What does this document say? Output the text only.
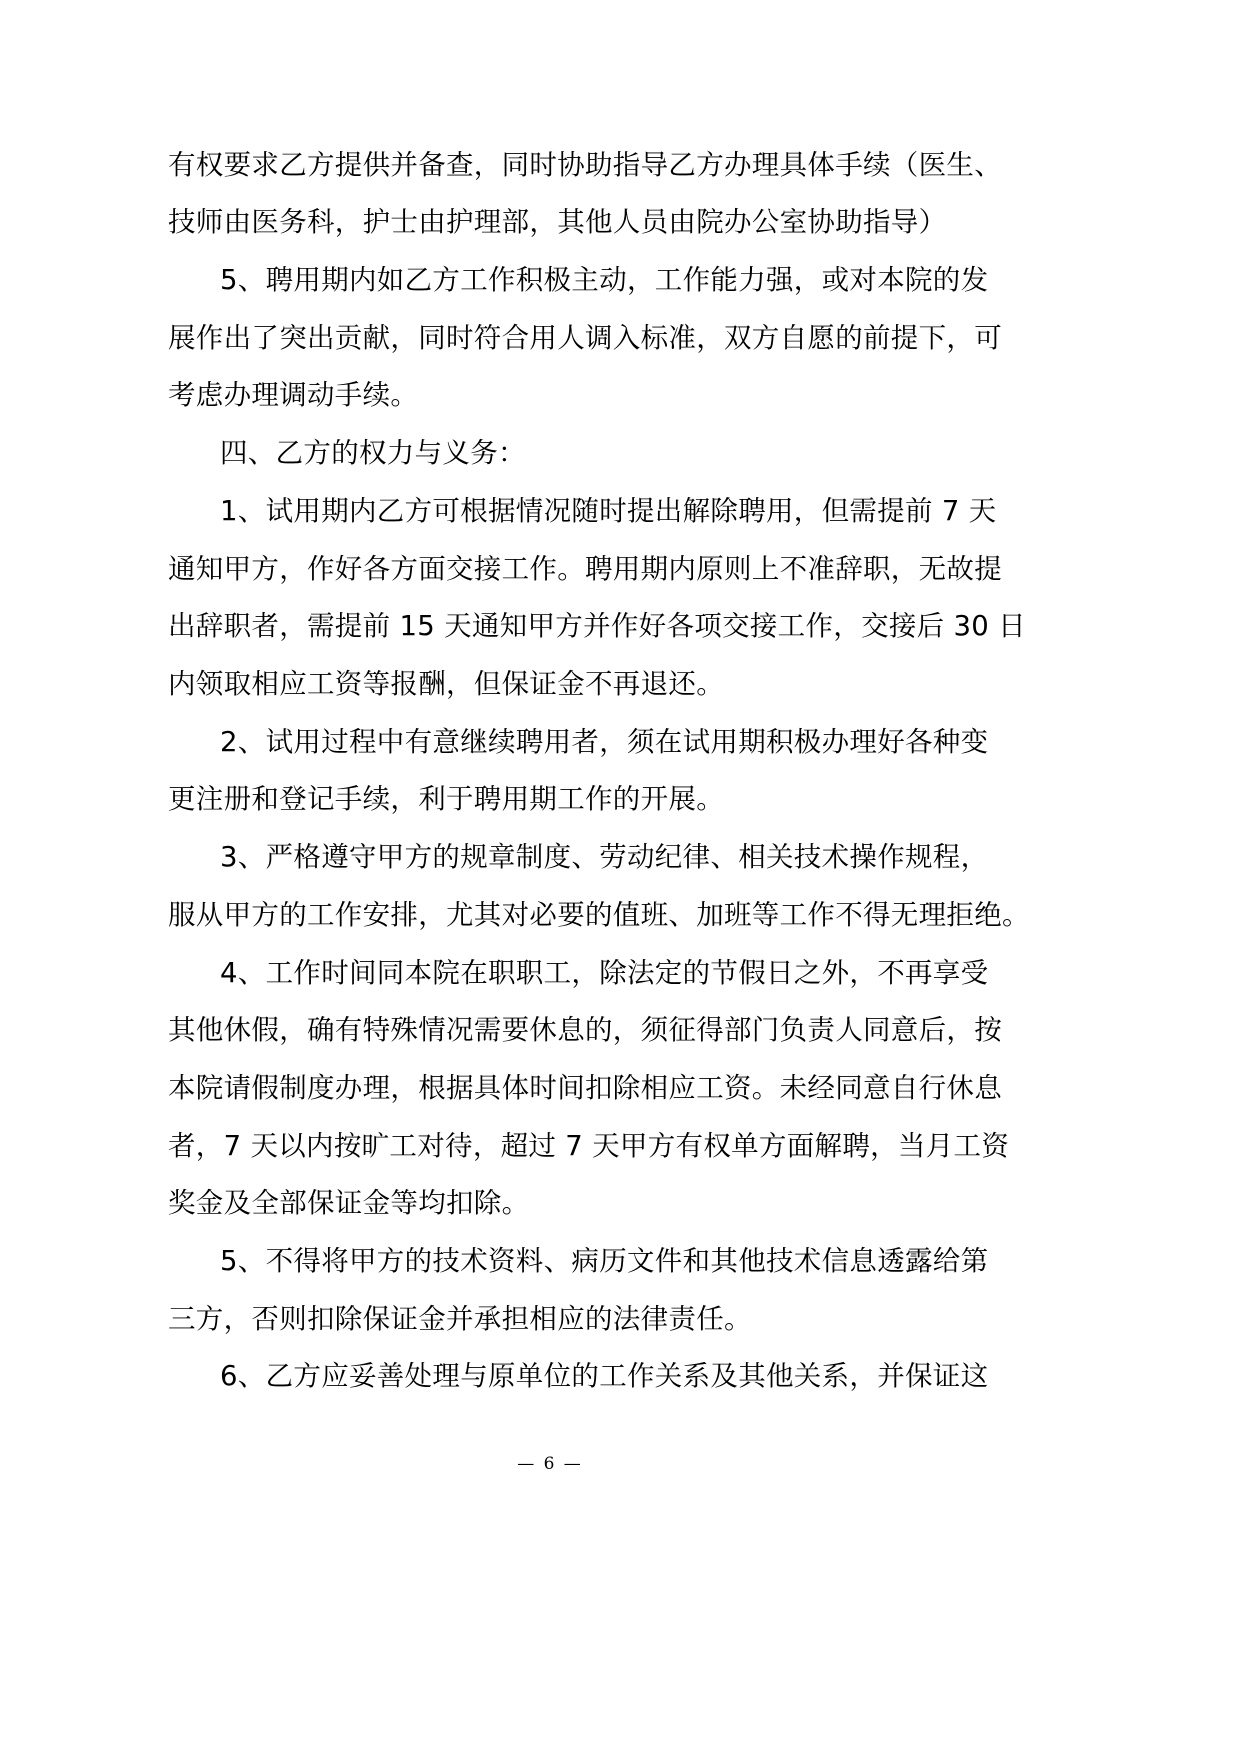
有权要求乙方提供并备查，同时协助指导乙方办理具体手续（医生、
技师由医务科，护士由护理部，其他人员由院办公室协助指导）
5、聘用期内如乙方工作积极主动，工作能力强，或对本院的发
展作出了突出贡献，同时符合用人调入标准，双方自愿的前提下，可
考虑办理调动手续。
四、乙方的权力与义务：
1、试用期内乙方可根据情况随时提出解除聘用，但需提前 7 天
通知甲方，作好各方面交接工作。聘用期内原则上不准辞职，无故提
出辞职者，需提前 15 天通知甲方并作好各项交接工作，交接后 30 日
内领取相应工资等报酬，但保证金不再退还。
2、试用过程中有意继续聘用者，须在试用期积极办理好各种变
更注册和登记手续，利于聘用期工作的开展。
3、严格遵守甲方的规章制度、劳动纪律、相关技术操作规程，
服从甲方的工作安排，尤其对必要的值班、加班等工作不得无理拒绝。
4、工作时间同本院在职职工，除法定的节假日之外，不再享受
其他休假，确有特殊情况需要休息的，须征得部门负责人同意后，按
本院请假制度办理，根据具体时间扣除相应工资。未经同意自行休息
者，7 天以内按旷工对待，超过 7 天甲方有权单方面解聘，当月工资
奖金及全部保证金等均扣除。
5、不得将甲方的技术资料、病历文件和其他技术信息透露给第
三方，否则扣除保证金并承担相应的法律责任。
6、乙方应妥善处理与原单位的工作关系及其他关系，并保证这
— 6 —
